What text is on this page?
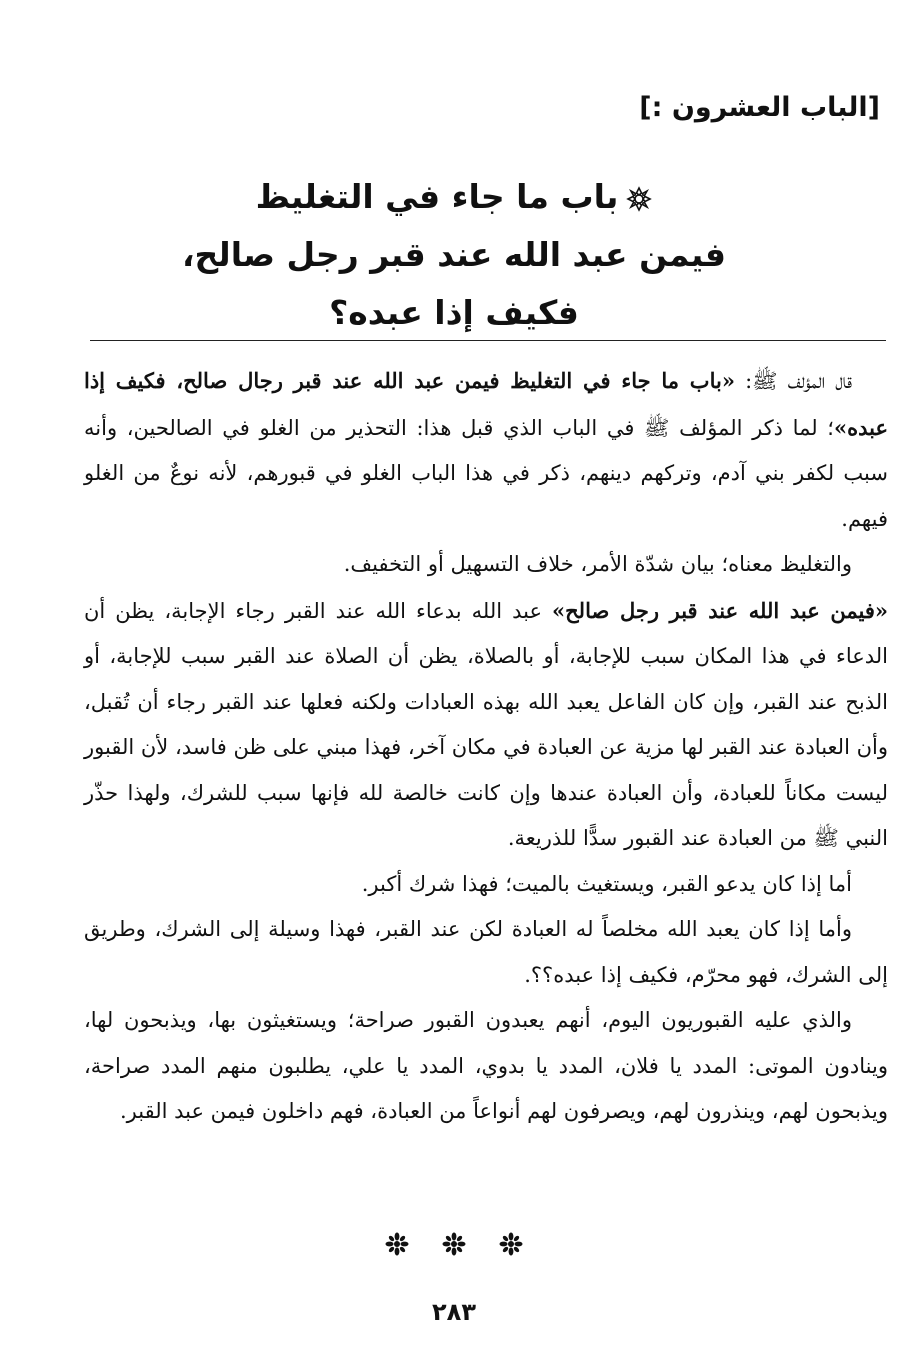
[الباب العشرون :]
باب ما جاء في التغليظ
فيمن عبد الله عند قبر رجل صالح،
فكيف إذا عبده؟

قال المؤلف ﷺ: «باب ما جاء في التغليظ فيمن عبد الله عند قبر رجال صالح، فكيف إذا عبده»؛ لما ذكر المؤلف ﷺ في الباب الذي قبل هذا: التحذير من الغلو في الصالحين، وأنه سبب لكفر بني آدم، وتركهم دينهم، ذكر في هذا الباب الغلو في قبورهم، لأنه نوعٌ من الغلو فيهم.

والتغليظ معناه؛ بيان شدّة الأمر، خلاف التسهيل أو التخفيف.

«فيمن عبد الله عند قبر رجل صالح» عبد الله بدعاء الله عند القبر رجاء الإجابة، يظن أن الدعاء في هذا المكان سبب للإجابة، أو بالصلاة، يظن أن الصلاة عند القبر سبب للإجابة، أو الذبح عند القبر، وإن كان الفاعل يعبد الله بهذه العبادات ولكنه فعلها عند القبر رجاء أن تُقبل، وأن العبادة عند القبر لها مزية عن العبادة في مكان آخر، فهذا مبني على ظن فاسد، لأن القبور ليست مكاناً للعبادة، وأن العبادة عندها وإن كانت خالصة لله فإنها سبب للشرك، ولهذا حذّر النبي ﷺ من العبادة عند القبور سدًّا للذريعة.

أما إذا كان يدعو القبر، ويستغيث بالميت؛ فهذا شرك أكبر.

وأما إذا كان يعبد الله مخلصاً له العبادة لكن عند القبر، فهذا وسيلة إلى الشرك، وطريق إلى الشرك، فهو محرّم، فكيف إذا عبده؟؟.

والذي عليه القبوريون اليوم، أنهم يعبدون القبور صراحة؛ ويستغيثون بها، ويذبحون لها، وينادون الموتى: المدد يا فلان، المدد يا بدوي، المدد يا علي، يطلبون منهم المدد صراحة، ويذبحون لهم، وينذرون لهم، ويصرفون لهم أنواعاً من العبادة، فهم داخلون فيمن عبد القبر.

٢٨٣
